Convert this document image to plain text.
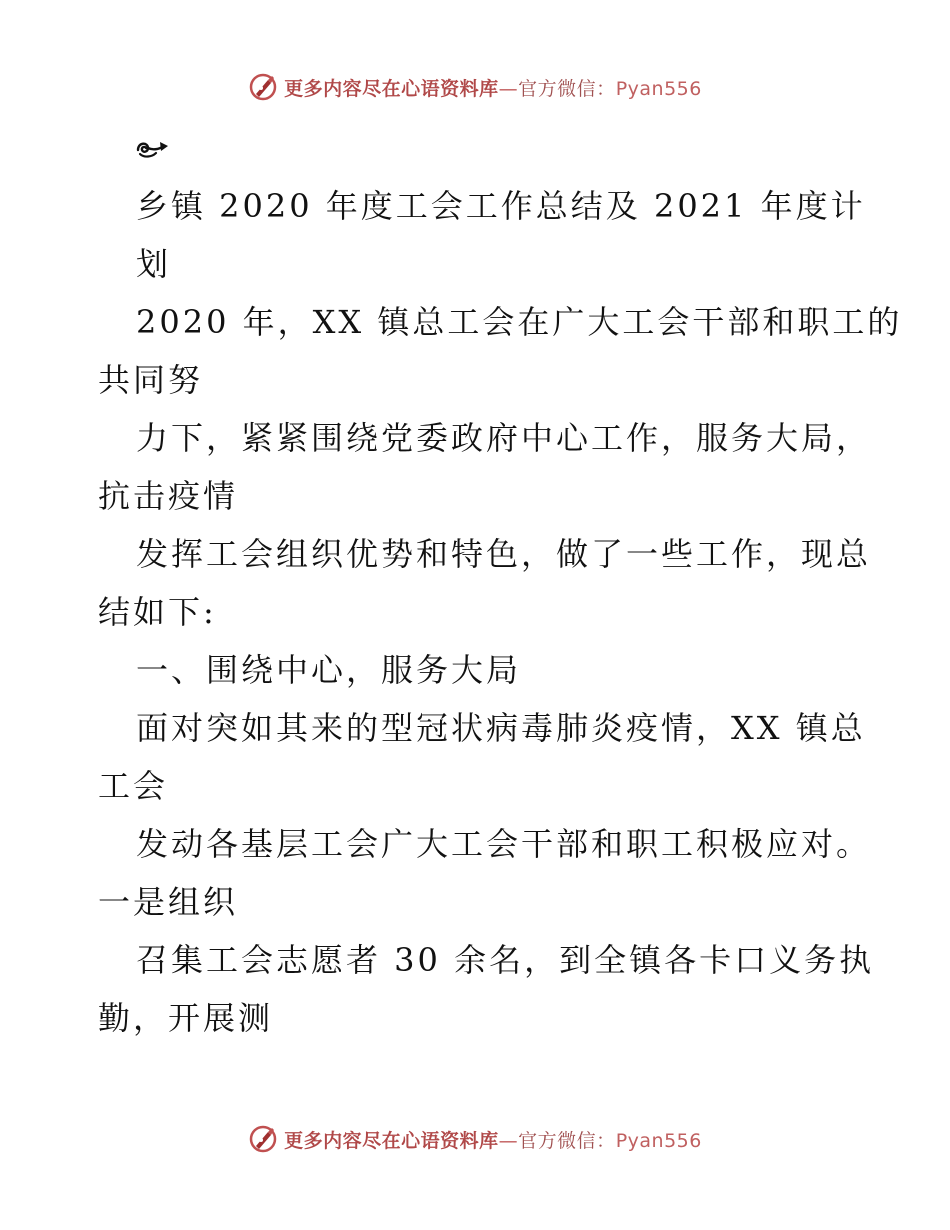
更多内容尽在心语资料库—官方微信：Pyan556
乡镇 2020 年度工会工作总结及 2021 年度计
划
2020 年，XX 镇总工会在广大工会干部和职工的
共同努
力下，紧紧围绕党委政府中心工作，服务大局，
抗击疫情
发挥工会组织优势和特色，做了一些工作，现总
结如下:
一、围绕中心，服务大局
面对突如其来的型冠状病毒肺炎疫情，XX 镇总
工会
发动各基层工会广大工会干部和职工积极应对。
一是组织
召集工会志愿者 30 余名，到全镇各卡口义务执
勤，开展测
更多内容尽在心语资料库—官方微信：Pyan556
